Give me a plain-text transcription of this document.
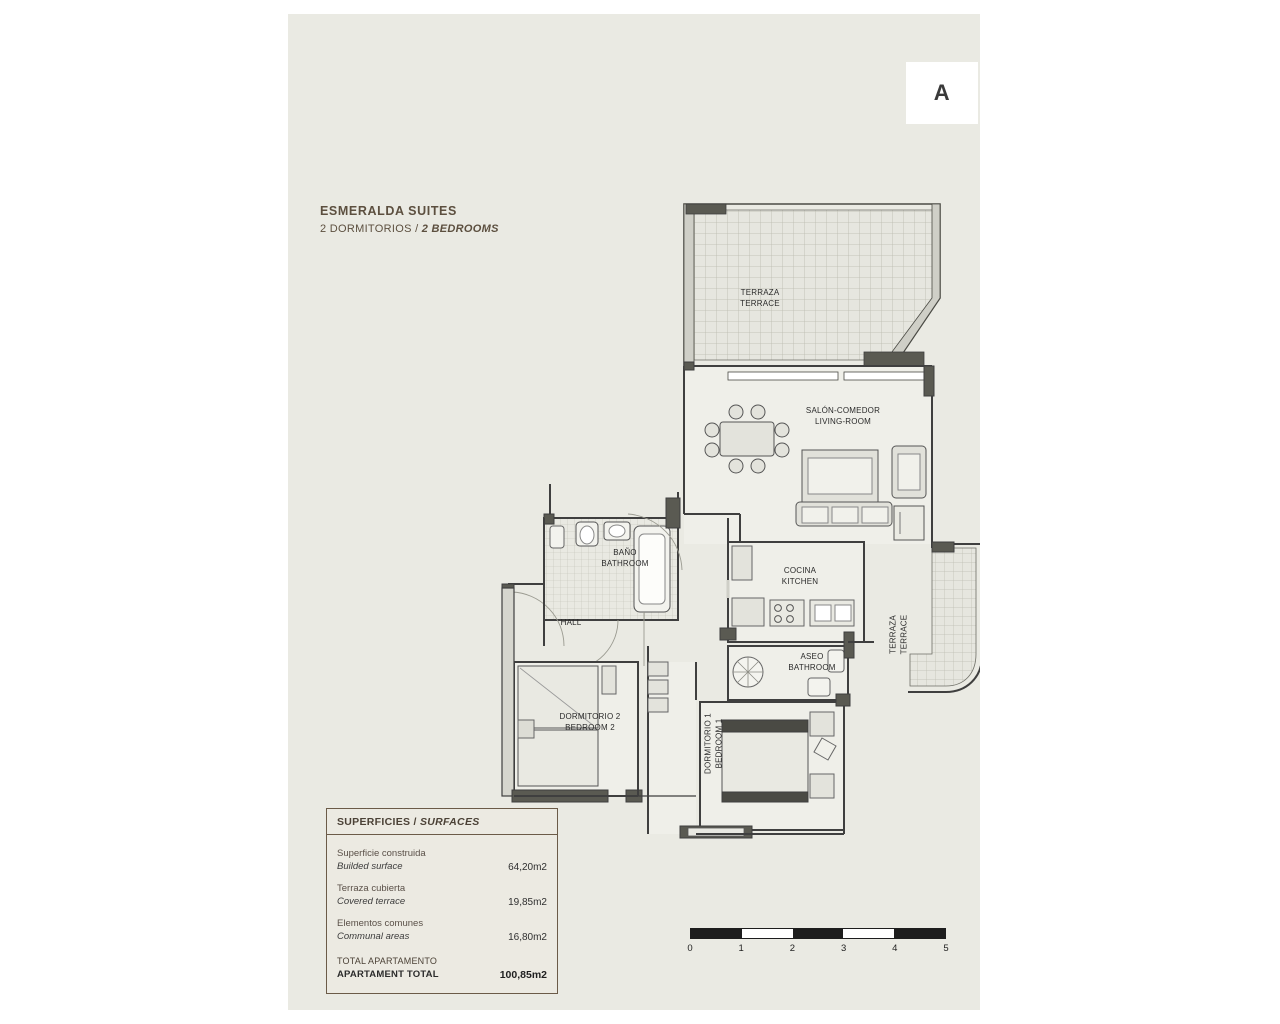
TERRAZA
TERRACE
SALÓN-COMEDOR
LIVING-ROOM
BAÑO
BATHROOM
COCINA
KITCHEN
TERRAZA TERRACE
ASEO
BATHROOM
HALL
DORMITORIO 2
BEDROOM 2	DORMITORIO 1 BEDROOM 1
A
ESMERALDA SUITES
2 DORMITORIOS / 2 BEDROOMS
SUPERFICIES / SURFACES
Superficie construida
Builded surface	64,20m2
Terraza cubierta
Covered terrace	19,85m2
Elementos comunes
Communal areas	16,80m2
TOTAL APARTAMENTO
APARTAMENT TOTAL	100,85m2
0	1	2	3	4	5
